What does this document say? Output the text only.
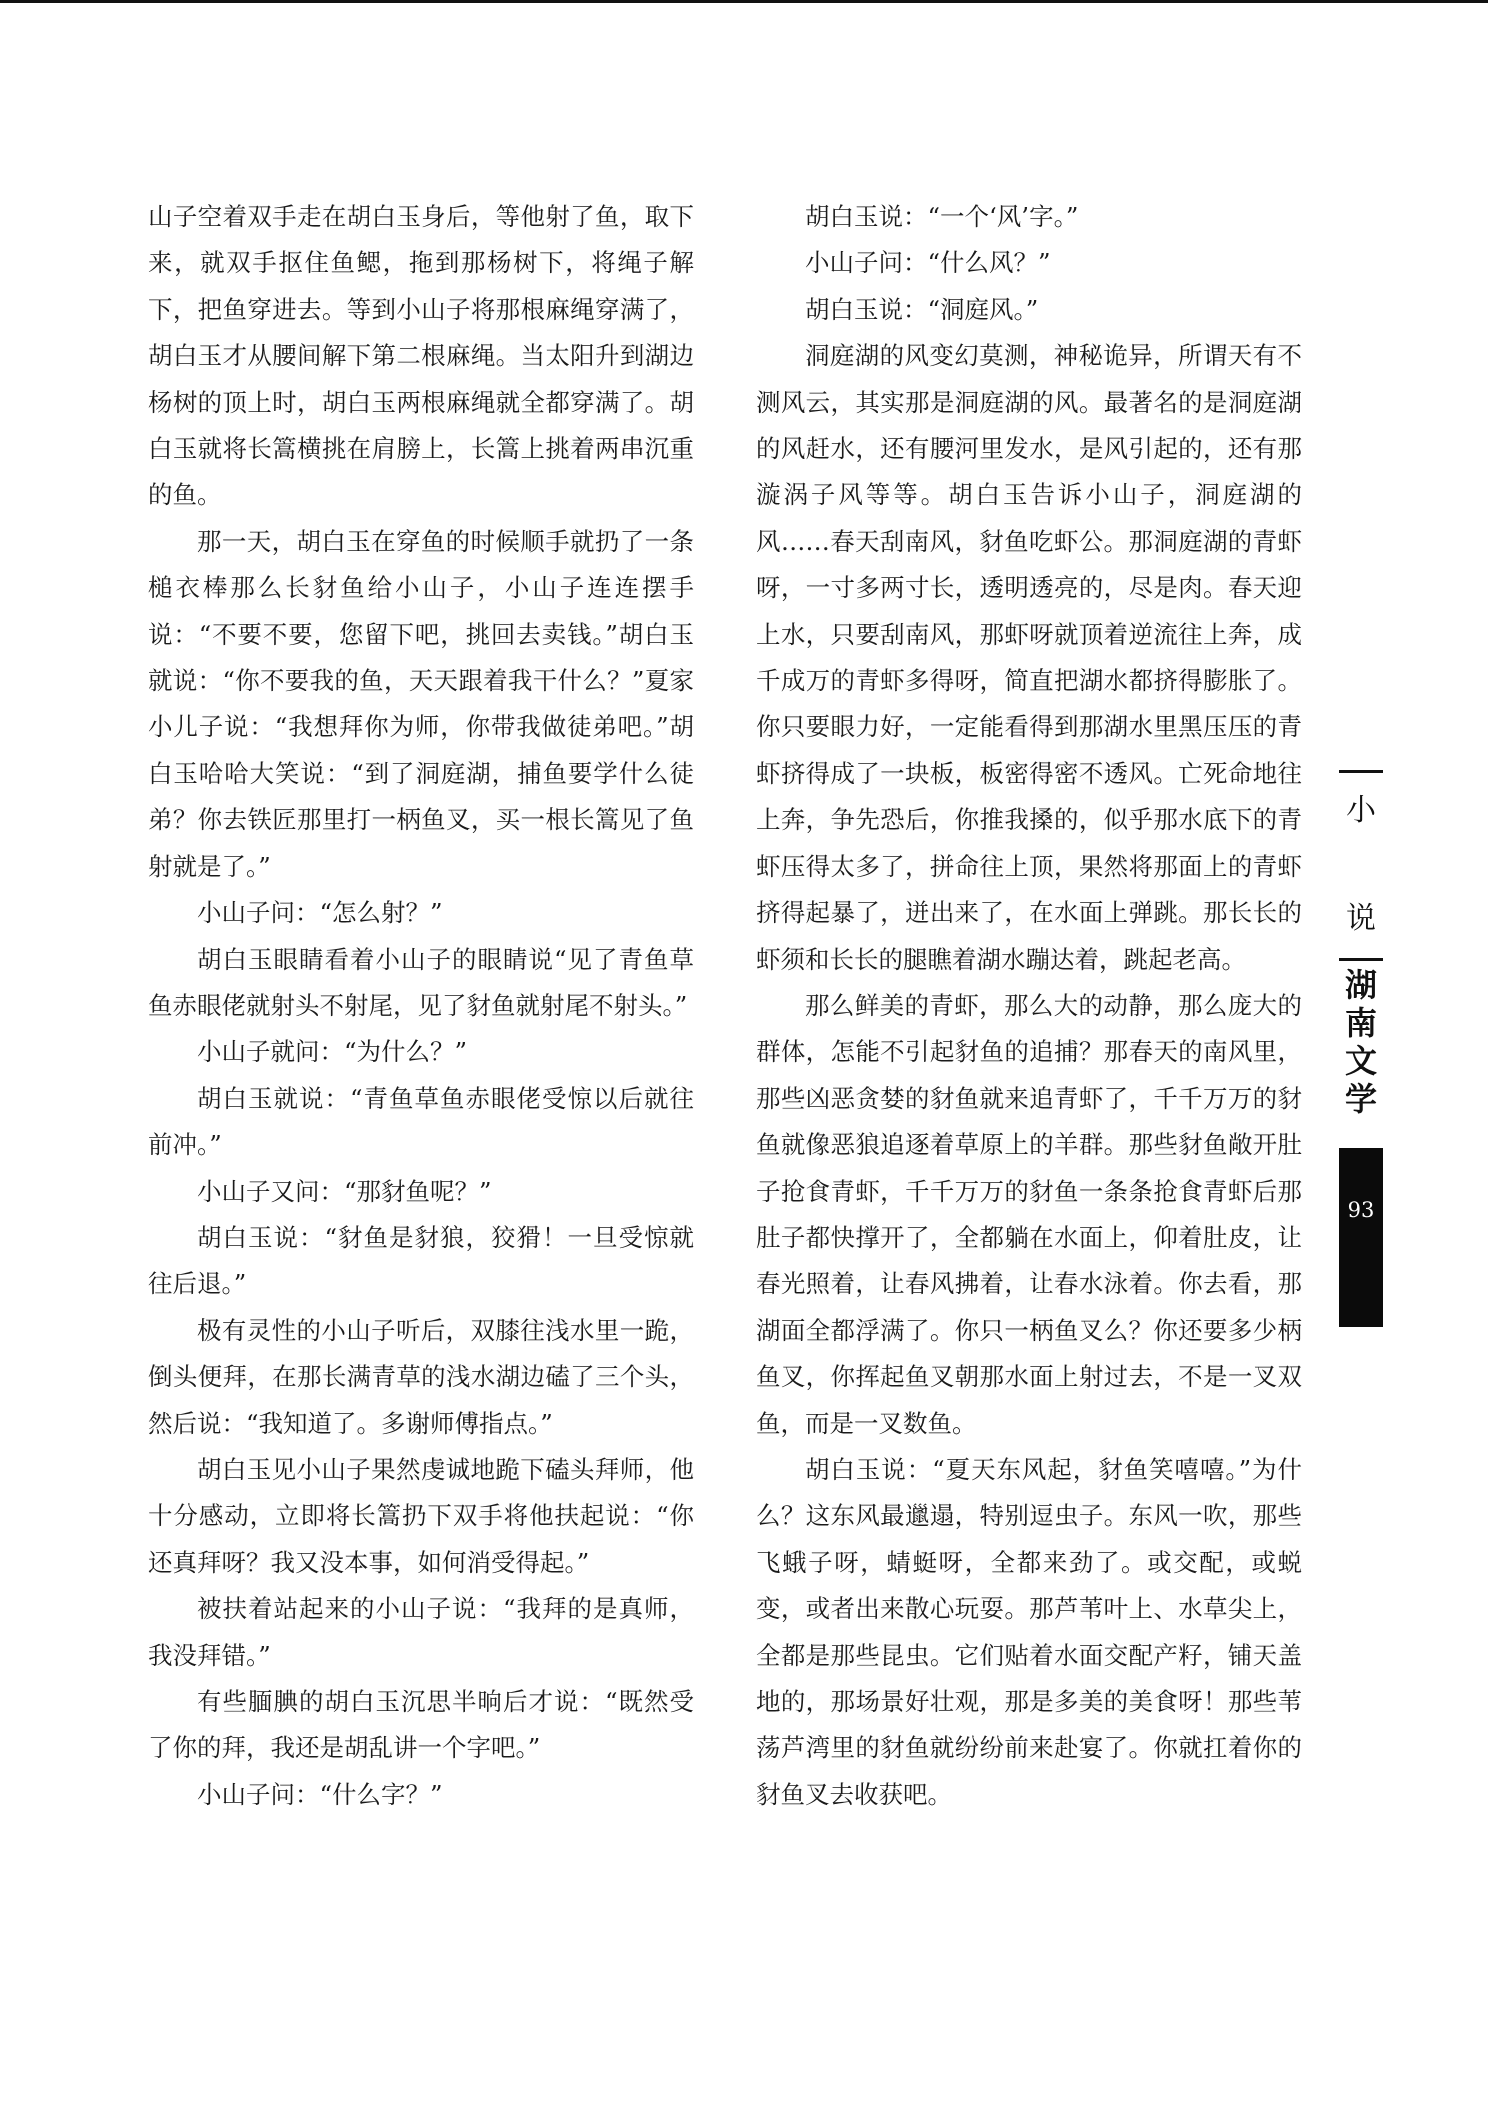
山子空着双手走在胡白玉身后，等他射了鱼，取下来，就双手抠住鱼鳃，拖到那杨树下，将绳子解下，把鱼穿进去。等到小山子将那根麻绳穿满了，胡白玉才从腰间解下第二根麻绳。当太阳升到湖边杨树的顶上时，胡白玉两根麻绳就全都穿满了。胡白玉就将长篙横挑在肩膀上，长篙上挑着两串沉重的鱼。

那一天，胡白玉在穿鱼的时候顺手就扔了一条槌衣棒那么长豺鱼给小山子，小山子连连摆手说：“不要不要，您留下吧，挑回去卖钱。”胡白玉就说：“你不要我的鱼，天天跟着我干什么？”夏家小儿子说：“我想拜你为师，你带我做徒弟吧。”胡白玉哈哈大笑说：“到了洞庭湖，捕鱼要学什么徒弟？你去铁匠那里打一柄鱼叉，买一根长篙见了鱼射就是了。”

小山子问：“怎么射？”

胡白玉眼睛看着小山子的眼睛说“见了青鱼草鱼赤眼佬就射头不射尾，见了豺鱼就射尾不射头。”

小山子就问：“为什么？”

胡白玉就说：“青鱼草鱼赤眼佬受惊以后就往前冲。”

小山子又问：“那豺鱼呢？”

胡白玉说：“豺鱼是豺狼，狡猾！一旦受惊就往后退。”

极有灵性的小山子听后，双膝往浅水里一跪，倒头便拜，在那长满青草的浅水湖边磕了三个头，然后说：“我知道了。多谢师傅指点。”

胡白玉见小山子果然虔诚地跪下磕头拜师，他十分感动，立即将长篙扔下双手将他扶起说：“你还真拜呀？我又没本事，如何消受得起。”

被扶着站起来的小山子说：“我拜的是真师，我没拜错。”

有些腼腆的胡白玉沉思半晌后才说：“既然受了你的拜，我还是胡乱讲一个字吧。”

小山子问：“什么字？”

胡白玉说：“一个‘风’字。”

小山子问：“什么风？”

胡白玉说：“洞庭风。”

洞庭湖的风变幻莫测，神秘诡异，所谓天有不测风云，其实那是洞庭湖的风。最著名的是洞庭湖的风赶水，还有腰河里发水，是风引起的，还有那漩涡子风等等。胡白玉告诉小山子，洞庭湖的风……春天刮南风，豺鱼吃虾公。那洞庭湖的青虾呀，一寸多两寸长，透明透亮的，尽是肉。春天迎上水，只要刮南风，那虾呀就顶着逆流往上奔，成千成万的青虾多得呀，简直把湖水都挤得膨胀了。你只要眼力好，一定能看得到那湖水里黑压压的青虾挤得成了一块板，板密得密不透风。亡死命地往上奔，争先恐后，你推我搡的，似乎那水底下的青虾压得太多了，拼命往上顶，果然将那面上的青虾挤得起暴了，迸出来了，在水面上弹跳。那长长的虾须和长长的腿瞧着湖水蹦达着，跳起老高。

那么鲜美的青虾，那么大的动静，那么庞大的群体，怎能不引起豺鱼的追捕？那春天的南风里，那些凶恶贪婪的豺鱼就来追青虾了，千千万万的豺鱼就像恶狼追逐着草原上的羊群。那些豺鱼敞开肚子抢食青虾，千千万万的豺鱼一条条抢食青虾后那肚子都快撑开了，全都躺在水面上，仰着肚皮，让春光照着，让春风拂着，让春水泳着。你去看，那湖面全都浮满了。你只一柄鱼叉么？你还要多少柄鱼叉，你挥起鱼叉朝那水面上射过去，不是一叉双鱼，而是一叉数鱼。

胡白玉说：“夏天东风起，豺鱼笑嘻嘻。”为什么？这东风最邋遢，特别逗虫子。东风一吹，那些飞蛾子呀，蜻蜓呀，全都来劲了。或交配，或蜕变，或者出来散心玩耍。那芦苇叶上、水草尖上，全都是那些昆虫。它们贴着水面交配产籽，铺天盖地的，那场景好壮观，那是多美的美食呀！那些苇荡芦湾里的豺鱼就纷纷前来赴宴了。你就扛着你的豺鱼叉去收获吧。

小
说
湖
南
文
学
93
